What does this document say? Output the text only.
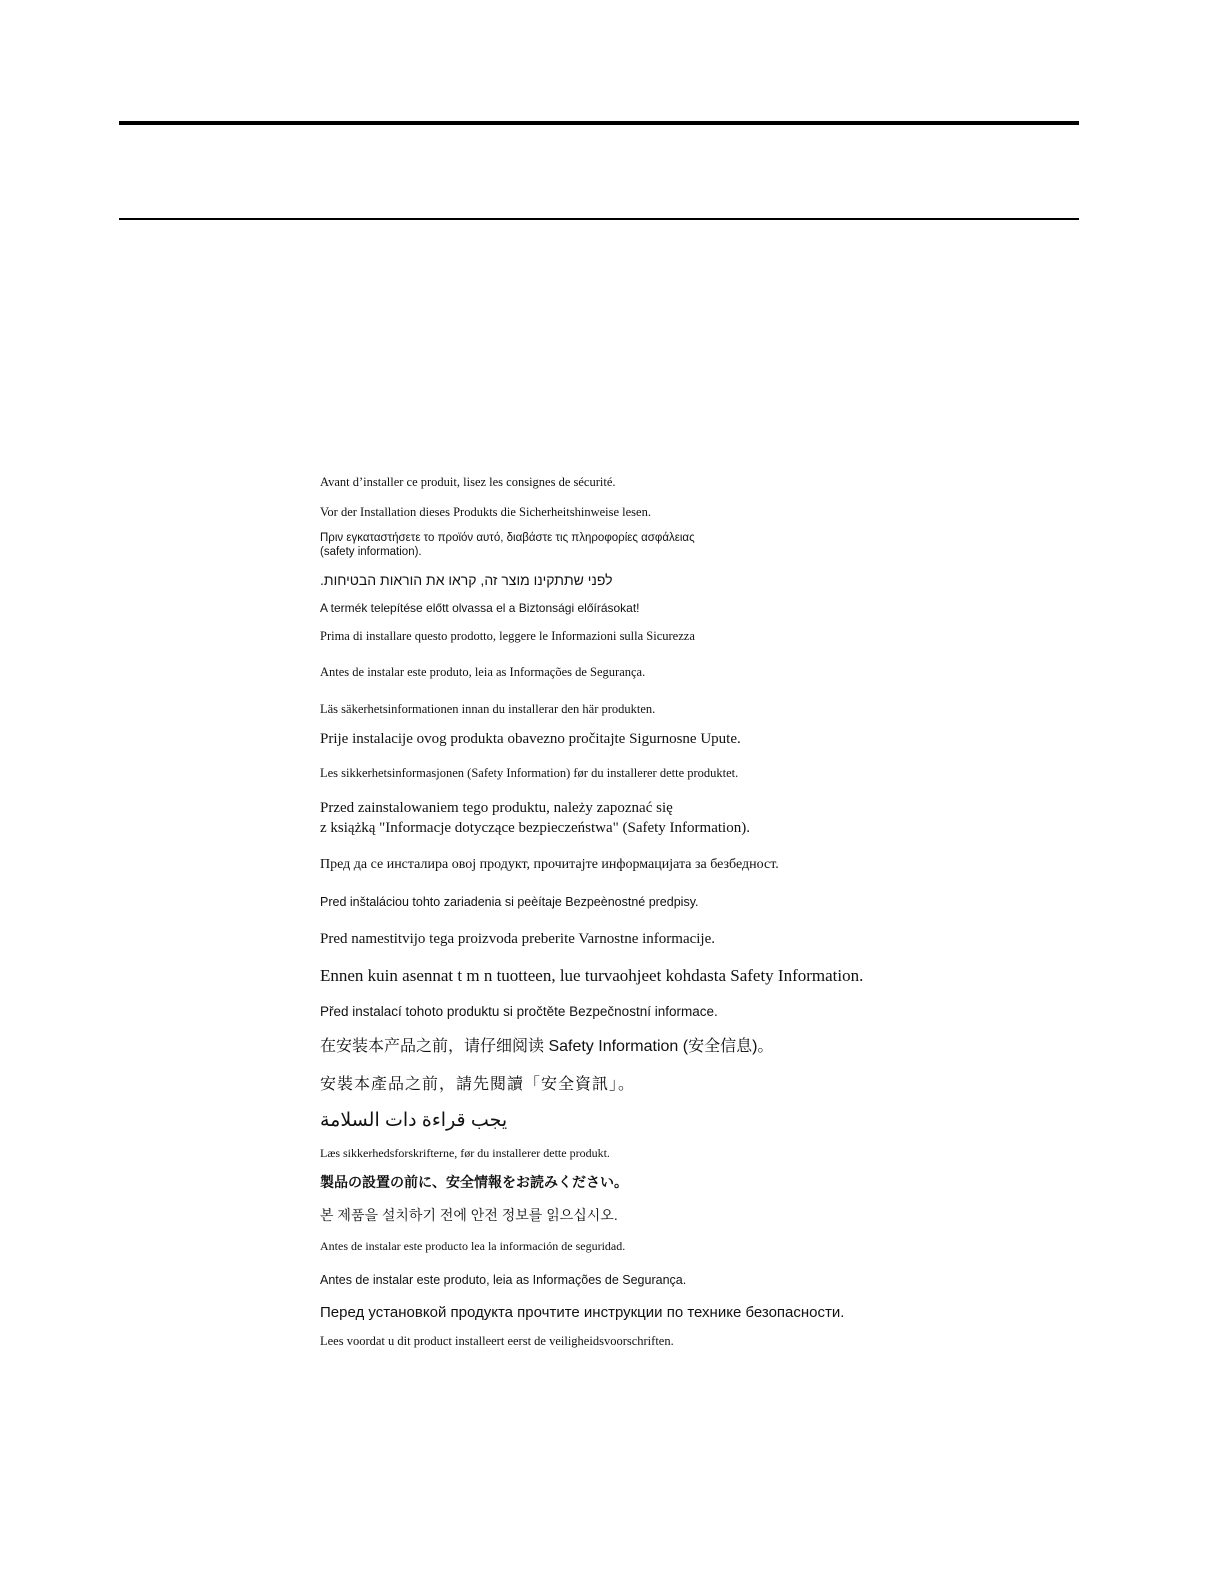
Avant d’installer ce produit, lisez les consignes de sécurité.
Vor der Installation dieses Produkts die Sicherheitshinweise lesen.
Πριν εγκαταστήσετε το προϊόν αυτό, διαβάστε τις πληροφορίες ασφάλειας
(safety information).
לפני שתתקינו מוצר זה, קראו את הוראות הבטיחות.
A termék telepítése előtt olvassa el a Biztonsági előírásokat!
Prima di installare questo prodotto, leggere le Informazioni sulla Sicurezza
Antes de instalar este produto, leia as Informações de Segurança.
Läs säkerhetsinformationen innan du installerar den här produkten.
Prije instalacije ovog produkta obavezno pročitajte Sigurnosne Upute.
Les sikkerhetsinformasjonen (Safety Information) før du installerer dette produktet.
Przed zainstalowaniem tego produktu, należy zapoznać się
z książką "Informacje dotyczące bezpieczeństwa" (Safety Information).
Пред да се инсталира овој продукт, прочитајте информацијата за безбедност.
Pred inštaláciou tohto zariadenia si peèítaje Bezpeènostné predpisy.
Pred namestitvijo tega proizvoda preberite Varnostne informacije.
Ennen kuin asennat t m n tuotteen, lue turvaohjeet kohdasta Safety Information.
Před instalací tohoto produktu si pročtěte Bezpečnostní informace.
在安装本产品之前，请仔细阅读 Safety Information (安全信息)。
安裝本產品之前，請先閱讀「安全資訊」。
يجب قراءة دات السلامة
Læs sikkerhedsforskrifterne, før du installerer dette produkt.
製品の設置の前に、安全情報をお読みください。
본 제품을 설치하기 전에 안전 정보를 읽으십시오.
Antes de instalar este producto lea la información de seguridad.
Antes de instalar este produto, leia as Informações de Segurança.
Перед установкой продукта прочтите инструкции по технике безопасности.
Lees voordat u dit product installeert eerst de veiligheidsvoorschriften.
